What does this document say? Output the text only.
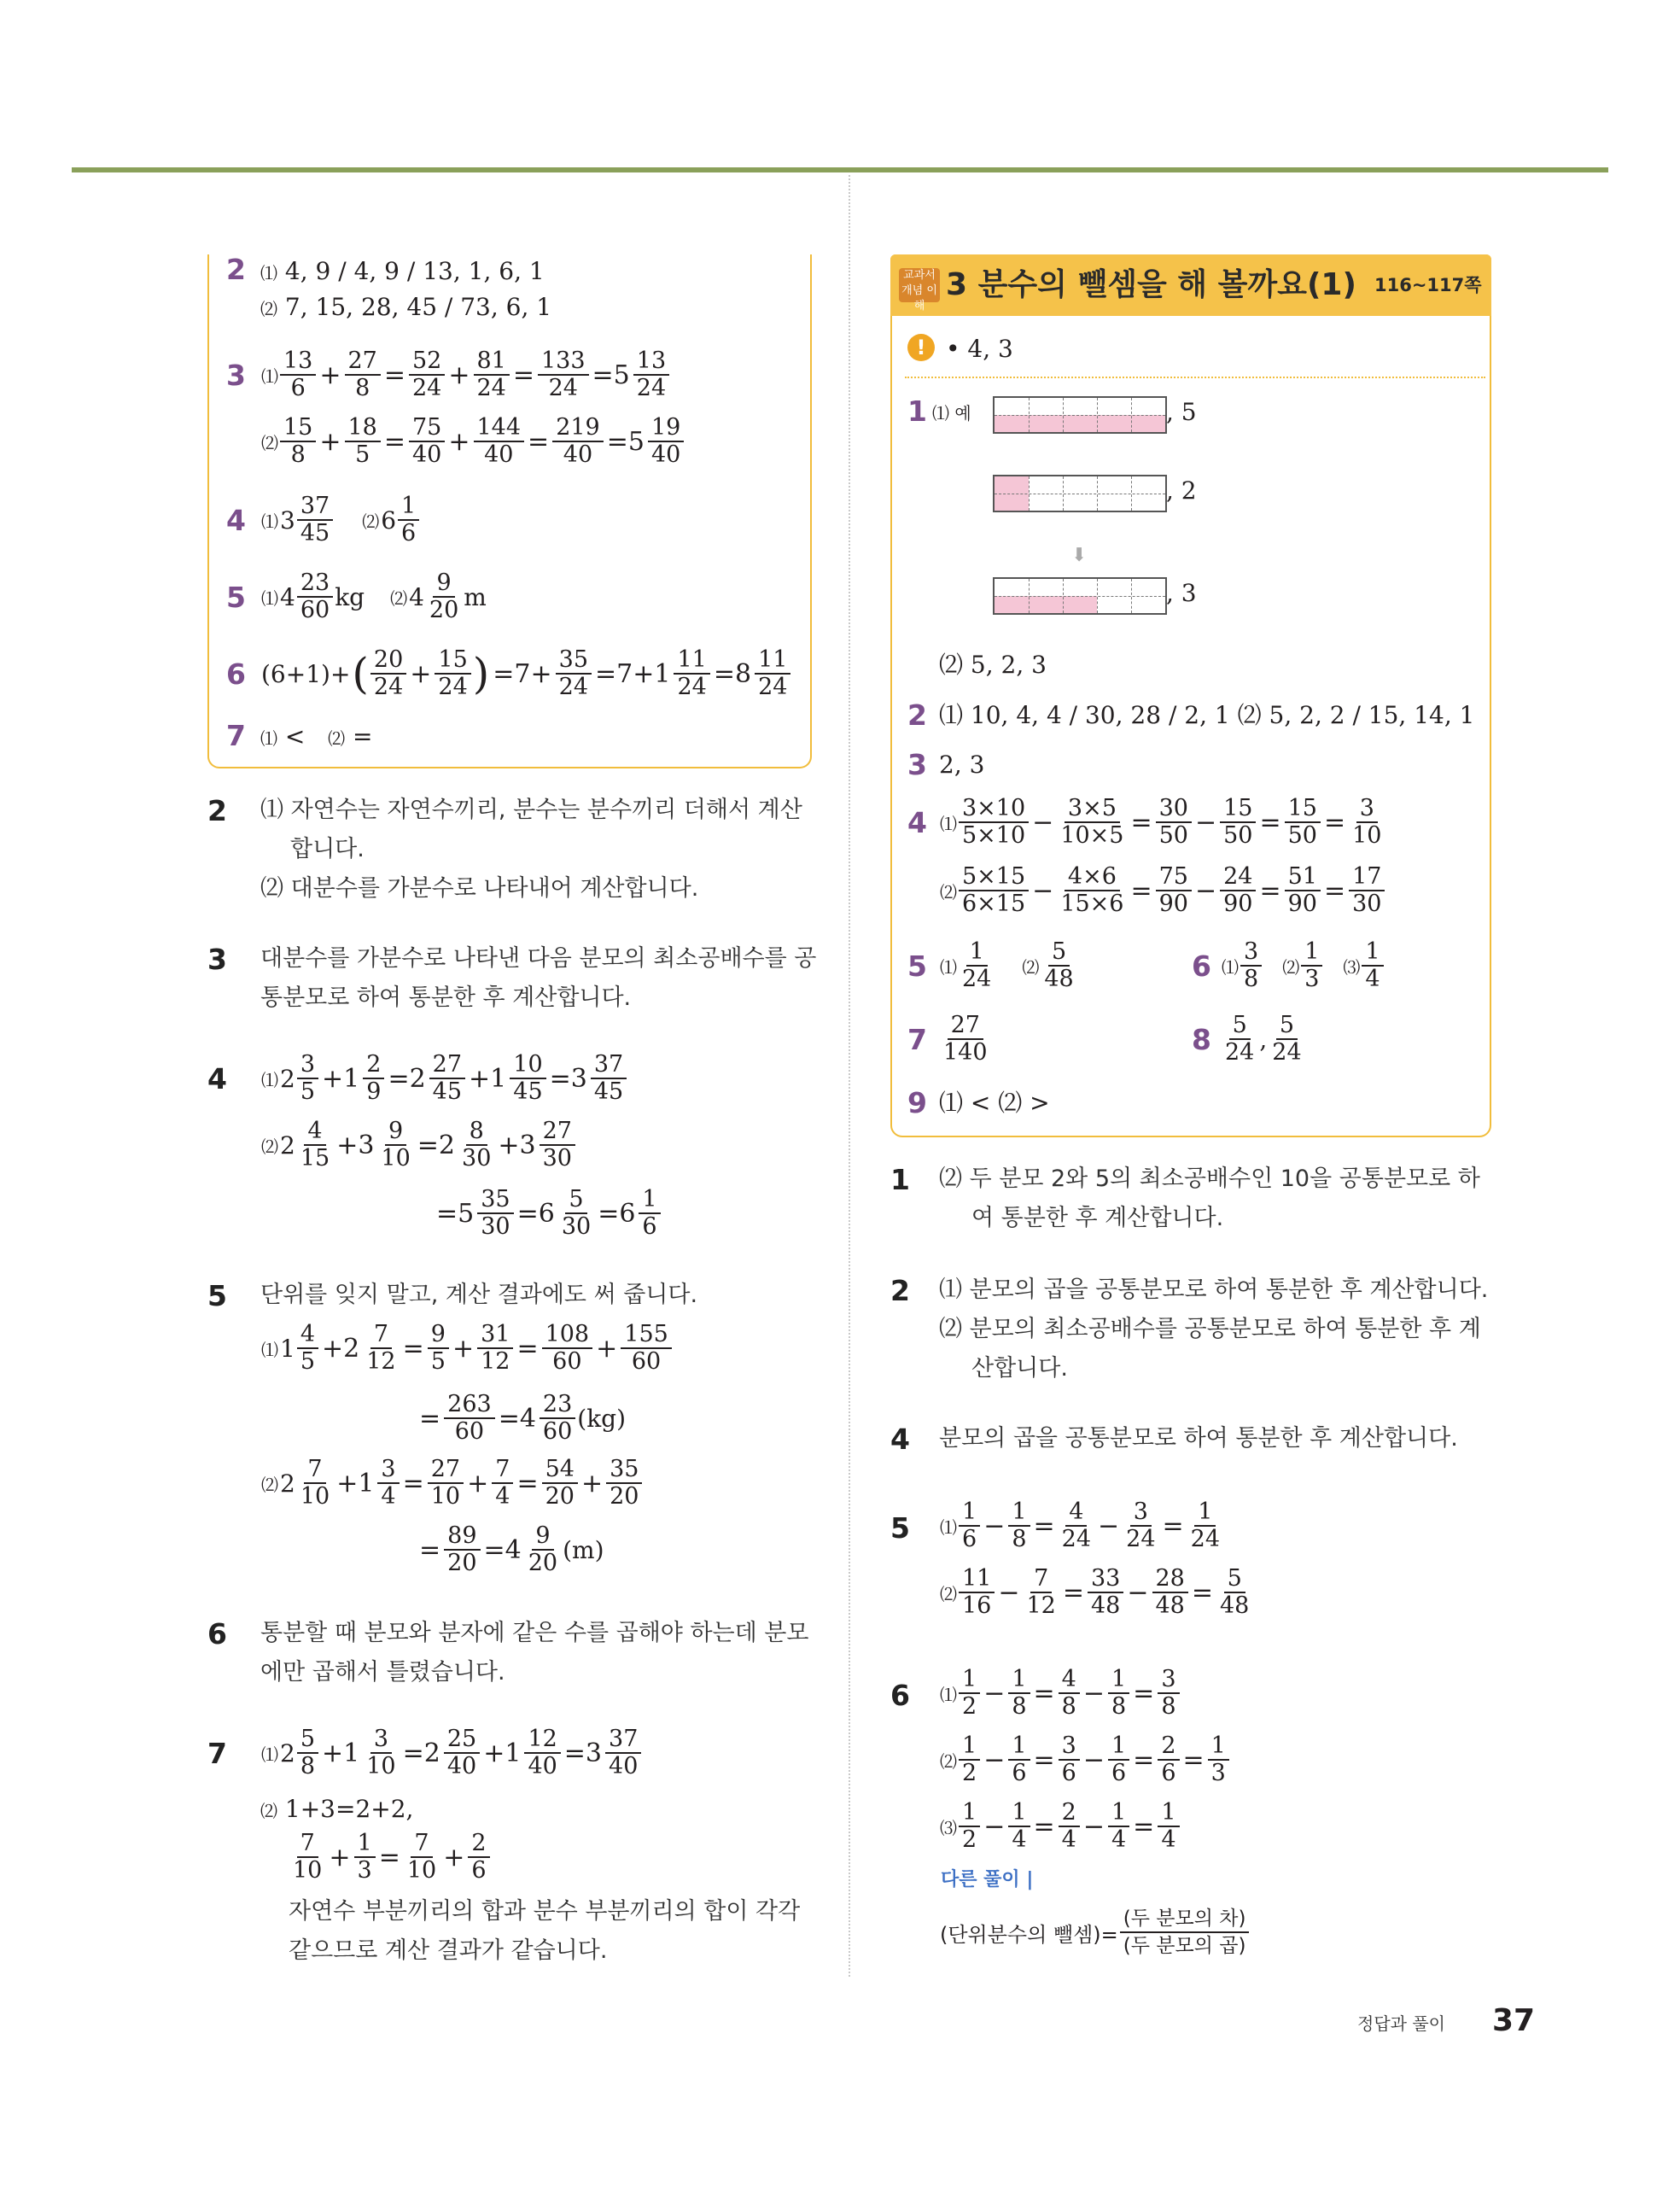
2 ⑴ 4, 9 / 4, 9 / 13, 1, 6, 1
⑵ 7, 15, 28, 45 / 73, 6, 1
3 ⑴
13
$6 + \frac{27}{8} = \frac{52}{24} + \frac{81}{24} = \frac{133}{24} =5$ 13
24
⑵
15
$8 + \frac{18}{5} = \frac{75}{40} + \frac{144}{40} = \frac{219}{40} =5$ 19
40
4 ⑴ 3 37
45 ⑵ 6 1
6
5 ⑴ 4 23
60 kg ⑵ 4 9
20 m
6 (6+1)+ ( 20
$24 + \frac{15}{24}$ ) $=7+ \frac{35}{24} =7+1 \frac{11}{24} =8$ 11
24
7 ⑴ < ⑵ =
2 ⑴ 자연수는 자연수끼리, 분수는 분수끼리 더해서 계산
합니다.
⑵ 대분수를 가분수로 나타내어 계산합니다.
3 대분수를 가분수로 나타낸 다음 분모의 최소공배수를 공
통분모로 하여 통분한 후 계산합니다.
4 ⑴ 2 3
$5 +1 \frac{2}{9} =2$ 27
$45 +1 \frac{10}{45} =3$ 37
45
⑵ 2 4
$15 +3 \frac{9}{10} =2$ 8
30 +3 27
30
$=5 \frac{35}{30} =6 \frac{5}{30} =6$ 1
6
5 단위를 잊지 말고, 계산 결과에도 써 줍니다.
⑴ 1 4
$5 +2 \frac{7}{12} = \frac{9}{5} + \frac{31}{12} = \frac{108}{60} + \frac{155}{60}$
= $\frac{263}{60} =4$ 23
60 (kg)
⑵ 2 7
$10 +1 \frac{3}{4} = \frac{27}{10} + \frac{7}{4} = \frac{54}{20} + \frac{35}{20}$
= $\frac{89}{20} =4$ 9
20 (m)
6 통분할 때 분모와 분자에 같은 수를 곱해야 하는데 분모
에만 곱해서 틀렸습니다.
7 ⑴ 2 5
$8 +1 \frac{3}{10} =2$ 25
$40 +1 \frac{12}{40} =3$ 37
40
⑵ 1+3=2+2,
7
$10 + \frac{1}{3} = \frac{7}{10} + \frac{2}{6}$
자연수 부분끼리의 합과 분수 부분끼리의 합이 각각
같으므로 계산 결과가 같습니다.
교과서 개념 이해
3 분수의 뺄셈을 해 볼까요(1) 116~117쪽
! • 4, 3
1 ⑴ 예	, 5
, 2
⬇
, 3
⑵ 5, 2, 3
2 ⑴ 10, 4, 4 / 30, 28 / 2, 1 ⑵ 5, 2, 2 / 15, 14, 1
3 2, 3
4 ⑴
3×10
$5\times 10 - \frac{3\times 5}{10\times 5} = \frac{30}{50} - \frac{15}{50} = \frac{15}{50} = \frac{3}{10}$
⑵
5×15
$6\times 15 - \frac{4\times 6}{15\times 6} = \frac{75}{90} - \frac{24}{90} = \frac{51}{90} = \frac{17}{30}$
5 ⑴
1
24 ⑵
5
48	6 ⑴
3
8 ⑵
1
3 ⑶
1
4
7 27
140	8 5
24 , 5
24
9 ⑴ < ⑵ >
1 ⑵ 두 분모 2와 5의 최소공배수인 10을 공통분모로 하
여 통분한 후 계산합니다.
2 ⑴ 분모의 곱을 공통분모로 하여 통분한 후 계산합니다.
⑵ 분모의 최소공배수를 공통분모로 하여 통분한 후 계
산합니다.
4 분모의 곱을 공통분모로 하여 통분한 후 계산합니다.
5 ⑴
1
$6 - \frac{1}{8} = \frac{4}{24} - \frac{3}{24} = \frac{1}{24}$
⑵
11
$16 - \frac{7}{12} = \frac{33}{48} - \frac{28}{48} = \frac{5}{48}$
6 ⑴
1
$2 - \frac{1}{8} = \frac{4}{8} - \frac{1}{8} = \frac{3}{8}$
⑵
1
$2 - \frac{1}{6} = \frac{3}{6} - \frac{1}{6} = \frac{2}{6} = \frac{1}{3}$
⑶
1
$2 - \frac{1}{4} = \frac{2}{4} - \frac{1}{4} = \frac{1}{4}$
다른 풀이 |
(단위분수의 뺄셈)=
(두 분모의 차)
(두 분모의 곱)
정답과 풀이 37
